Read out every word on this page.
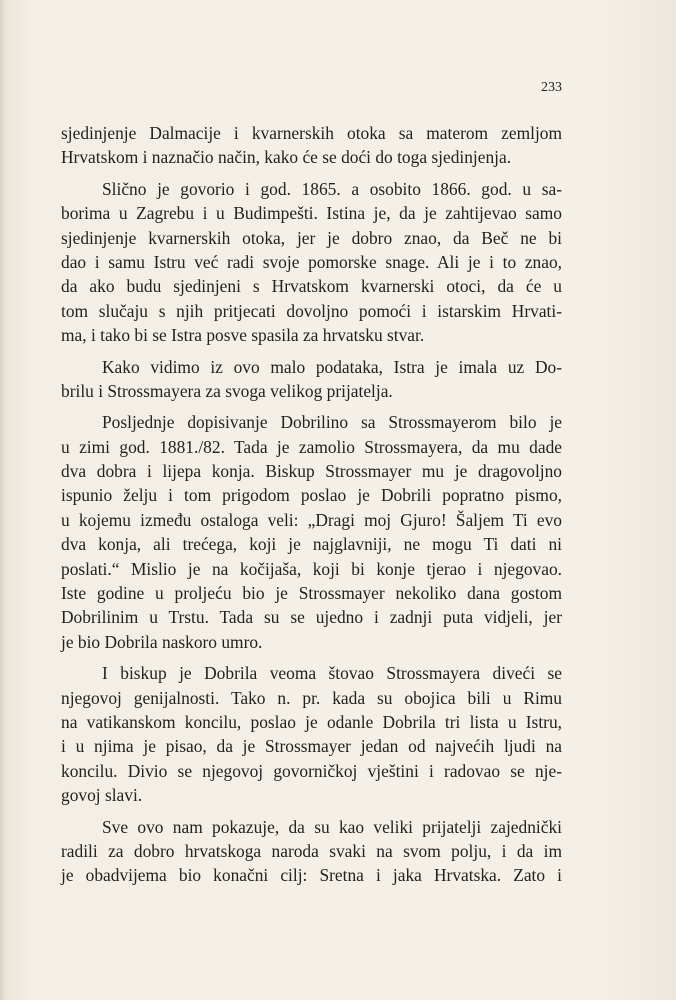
233
sjedinjenje Dalmacije i kvarnerskih otoka sa materom zemljom
Hrvatskom i naznačio način, kako će se doći do toga sjedinjenja.
Slično je govorio i god. 1865. a osobito 1866. god. u sa-
borima u Zagrebu i u Budimpešti. Istina je, da je zahtijevao samo
sjedinjenje kvarnerskih otoka, jer je dobro znao, da Beč ne bi
dao i samu Istru već radi svoje pomorske snage. Ali je i to znao,
da ako budu sjedinjeni s Hrvatskom kvarnerski otoci, da će u
tom slučaju s njih pritjecati dovoljno pomoći i istarskim Hrvati-
ma, i tako bi se Istra posve spasila za hrvatsku stvar.
Kako vidimo iz ovo malo podataka, Istra je imala uz Do-
brilu i Strossmayera za svoga velikog prijatelja.
Posljednje dopisivanje Dobrilino sa Strossmayerom bilo je
u zimi god. 1881./82. Tada je zamolio Strossmayera, da mu dade
dva dobra i lijepa konja. Biskup Strossmayer mu je dragovoljno
ispunio želju i tom prigodom poslao je Dobrili popratno pismo,
u kojemu između ostaloga veli: „Dragi moj Gjuro! Šaljem Ti evo
dva konja, ali trećega, koji je najglavniji, ne mogu Ti dati ni
poslati.“ Mislio je na kočijaša, koji bi konje tjerao i njegovao.
Iste godine u proljeću bio je Strossmayer nekoliko dana gostom
Dobrilinim u Trstu. Tada su se ujedno i zadnji puta vidjeli, jer
je bio Dobrila naskoro umro.
I biskup je Dobrila veoma štovao Strossmayera diveći se
njegovoj genijalnosti. Tako n. pr. kada su obojica bili u Rimu
na vatikanskom koncilu, poslao je odanle Dobrila tri lista u Istru,
i u njima je pisao, da je Strossmayer jedan od najvećih ljudi na
koncilu. Divio se njegovoj govorničkoj vještini i radovao se nje-
govoj slavi.
Sve ovo nam pokazuje, da su kao veliki prijatelji zajednički
radili za dobro hrvatskoga naroda svaki na svom polju, i da im
je obadvijema bio konačni cilj: Sretna i jaka Hrvatska. Zato i
